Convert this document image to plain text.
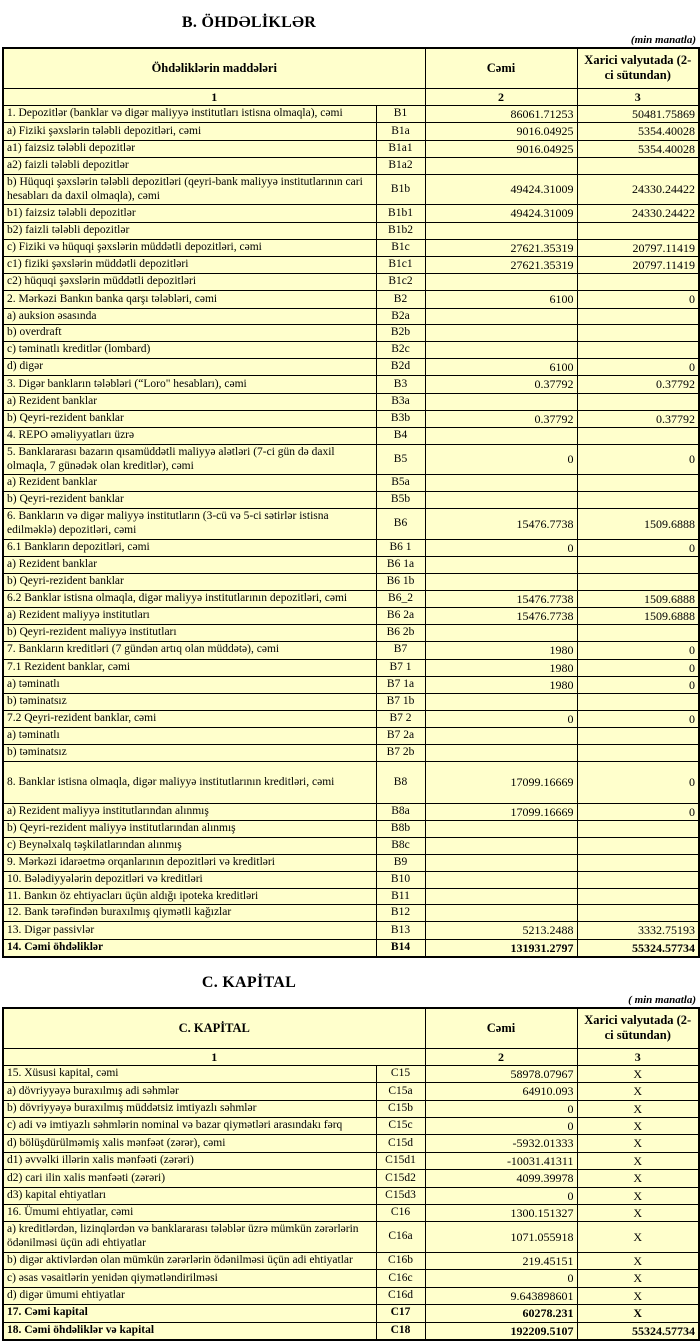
B. ÖHDƏLİKLƏR
(min manatla)
Öhdəliklərin maddələri		Cəmi	Xarici valyutada (2-ci sütundan)
1		2	3
1. Depozitlər (banklar və digər maliyyə institutları istisna olmaqla), cəmi	B1	86061.71253	50481.75869
a) Fiziki şəxslərin tələbli depozitləri, cəmi	B1a	9016.04925	5354.40028
a1) faizsiz tələbli depozitlər	B1a1	9016.04925	5354.40028
a2) faizli tələbli depozitlər	B1a2		
b) Hüquqi şəxslərin tələbli depozitləri (qeyri-bank maliyyə institutlarının cari hesabları da daxil olmaqla), cəmi	B1b	49424.31009	24330.24422
b1) faizsiz tələbli depozitlər	B1b1	49424.31009	24330.24422
b2) faizli tələbli depozitlər	B1b2		
c) Fiziki və hüquqi şəxslərin müddətli depozitləri, cəmi	B1c	27621.35319	20797.11419
c1) fiziki şəxslərin müddətli depozitləri	B1c1	27621.35319	20797.11419
c2) hüquqi şəxslərin müddətli depozitləri	B1c2		
2. Mərkəzi Bankın banka qarşı tələbləri, cəmi	B2	6100	0
a) auksion əsasında	B2a		
b) overdraft	B2b		
c) təminatlı kreditlər (lombard)	B2c		
d) digər	B2d	6100	0
3. Digər bankların tələbləri (“Loro" hesabları), cəmi	B3	0.37792	0.37792
a) Rezident banklar	B3a		
b) Qeyri-rezident banklar	B3b	0.37792	0.37792
4. REPO əməliyyatları üzrə	B4		
5. Banklararası bazarın qısamüddətli maliyyə alətləri (7-ci gün də daxil olmaqla, 7 günədək olan kreditlər), cəmi	B5	0	0
a) Rezident banklar	B5a		
b) Qeyri-rezident banklar	B5b		
6. Bankların və digər maliyyə institutların (3-cü və 5-ci sətirlər istisna edilməklə) depozitləri, cəmi	B6	15476.7738	1509.6888
6.1 Bankların depozitləri, cəmi	B6 1	0	0
a) Rezident banklar	B6 1a		
b) Qeyri-rezident banklar	B6 1b		
6.2 Banklar istisna olmaqla, digər maliyyə institutlarının depozitləri, cəmi	B6_2	15476.7738	1509.6888
a) Rezident maliyyə institutları	B6 2a	15476.7738	1509.6888
b) Qeyri-rezident maliyyə institutları	B6 2b		
7. Bankların kreditləri (7 gündən artıq olan müddətə), cəmi	B7	1980	0
7.1 Rezident banklar, cəmi	B7 1	1980	0
a) təminatlı	B7 1a	1980	0
b) təminatsız	B7 1b		
7.2 Qeyri-rezident banklar, cəmi	B7 2	0	0
a) təminatlı	B7 2a		
b) təminatsız	B7 2b		
8. Banklar istisna olmaqla, digər maliyyə institutlarının kreditləri, cəmi	B8	17099.16669	0
a) Rezident maliyyə institutlarından alınmış	B8a	17099.16669	0
b) Qeyri-rezident maliyyə institutlarından alınmış	B8b		
c) Beynəlxalq təşkilatlarından alınmış	B8c		
9. Mərkəzi idarəetmə orqanlarının depozitləri və kreditləri	B9		
10. Bələdiyyələrin depozitləri və kreditləri	B10		
11. Bankın öz ehtiyacları üçün aldığı ipoteka kreditləri	B11		
12. Bank tərəfindən buraxılmış qiymətli kağızlar	B12		
13. Digər passivlər	B13	5213.2488	3332.75193
14. Cəmi öhdəliklər	B14	131931.2797	55324.57734
C. KAPİTAL
( min manatla)
C. KAPİTAL		Cəmi	Xarici valyutada (2-ci sütundan)
1		2	3
15. Xüsusi kapital, cəmi	C15	58978.07967	X
a) dövriyyəyə buraxılmış adi səhmlər	C15a	64910.093	X
b) dövriyyəyə buraxılmış müddətsiz imtiyazlı səhmlər	C15b	0	X
c) adi və imtiyazlı səhmlərin nominal və bazar qiymətləri arasındakı fərq	C15c	0	X
d) bölüşdürülməmiş xalis mənfəət (zərər), cəmi	C15d	-5932.01333	X
d1) əvvəlki illərin xalis mənfəəti (zərəri)	C15d1	-10031.41311	X
d2) cari ilin xalis mənfəəti (zərəri)	C15d2	4099.39978	X
d3) kapital ehtiyatları	C15d3	0	X
16. Ümumi ehtiyatlar, cəmi	C16	1300.151327	X
a) kreditlərdən, lizinqlərdən və banklararası tələblər üzrə mümkün zərərlərin ödənilməsi üçün adi ehtiyatlar	C16a	1071.055918	X
b) digər aktivlərdən olan mümkün zərərlərin ödənilməsi üçün adi ehtiyatlar	C16b	219.45151	X
c) əsas vəsaitlərin yenidən qiymətləndirilməsi	C16c	0	X
d) digər ümumi ehtiyatlar	C16d	9.643898601	X
17. Cəmi kapital	C17	60278.231	X
18. Cəmi öhdəliklər və kapital	C18	192209.5107	55324.57734
